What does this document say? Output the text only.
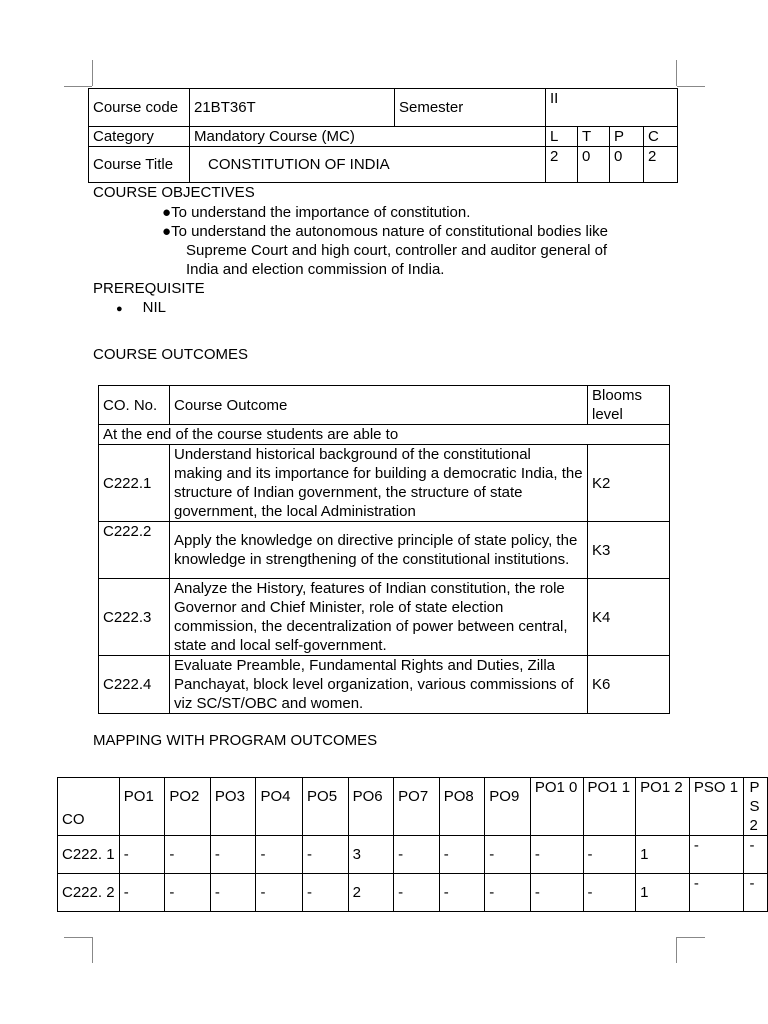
Course code	21BT36T	Semester	II			
Category	Mandatory Course (MC)		L	T	P	C
Course Title	CONSTITUTION OF INDIA		2	0	0	2
COURSE OBJECTIVES
●To understand the importance of constitution.
●To understand the autonomous nature of constitutional bodies like
Supreme Court and high court, controller and auditor general of
India and election commission of India.
PREREQUISITE
● NIL
COURSE OUTCOMES
CO. No.	Course Outcome	Blooms level
At the end of the course students are able to		
C222.1	Understand historical background of the constitutional making and its importance for building a democratic India, the structure of Indian government, the structure of state government, the local Administration	K2
C222.2	Apply the knowledge on directive principle of state policy, the knowledge in strengthening of the constitutional institutions.	K3
C222.3	Analyze the History, features of Indian constitution, the role Governor and Chief Minister, role of state election commission, the decentralization of power between central, state and local self-government.	K4
C222.4	Evaluate Preamble, Fundamental Rights and Duties, Zilla Panchayat, block level organization, various commissions of viz SC/ST/OBC and women.	K6
MAPPING WITH PROGRAM OUTCOMES
CO	PO1	PO2	PO3	PO4	PO5	PO6	PO7	PO8	PO9	PO1 0	PO1 1	PO1 2	PSO 1	PS 2
C222. 1	-	-	-	-	-	3	-	-	-	-	-	1	-	-
C222. 2	-	-	-	-	-	2	-	-	-	-	-	1	-	-
